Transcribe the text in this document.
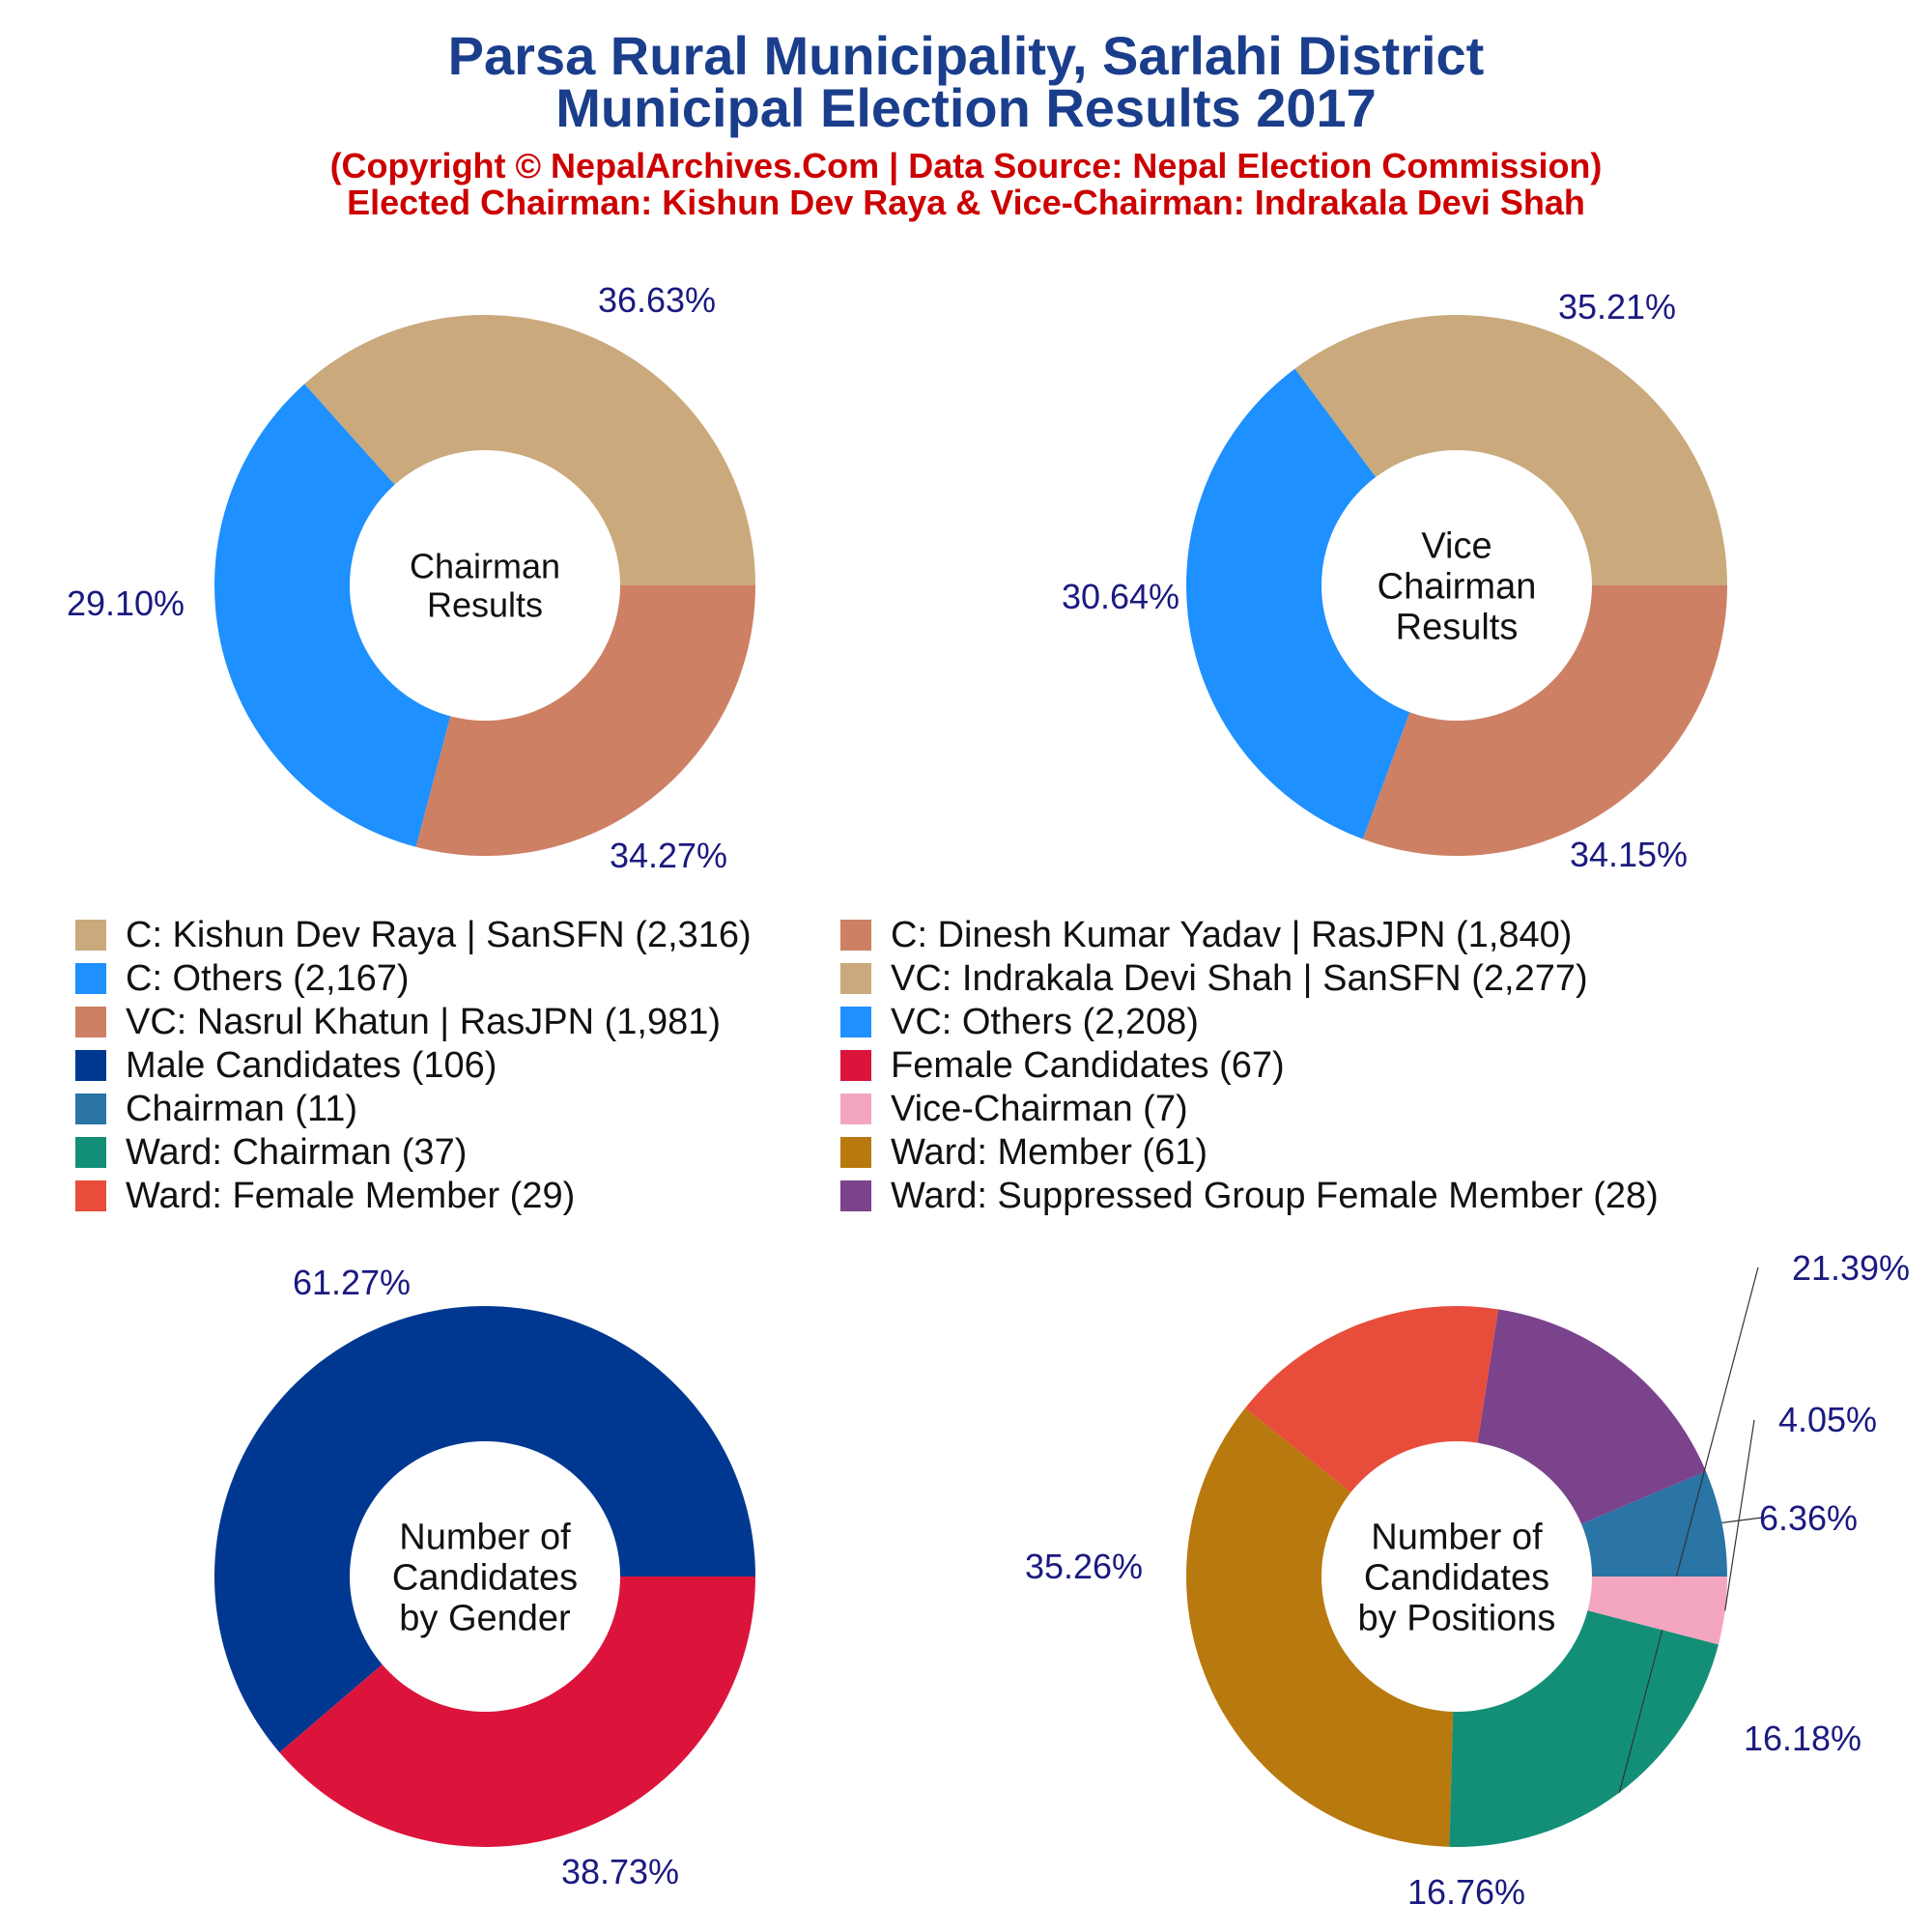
Parsa Rural Municipality, Sarlahi District
Municipal Election Results 2017
(Copyright © NepalArchives.Com | Data Source: Nepal Election Commission)
Elected Chairman: Kishun Dev Raya & Vice-Chairman: Indrakala Devi Shah
36.63%
34.27%
29.10%
Chairman
Results
35.21%
34.15%
30.64%
Vice
Chairman
Results
61.27%
38.73%
Number of
Candidates
by Gender
6.36%
16.18%
16.76%
35.26%
21.39%
4.05%
Number of
Candidates
by Positions
C: Kishun Dev Raya | SanSFN (2,316)	C: Dinesh Kumar Yadav | RasJPN (1,840)
C: Others (2,167)	VC: Indrakala Devi Shah | SanSFN (2,277)
VC: Nasrul Khatun | RasJPN (1,981)	VC: Others (2,208)
Male Candidates (106)	Female Candidates (67)
Chairman (11)	Vice-Chairman (7)
Ward: Chairman (37)	Ward: Member (61)
Ward: Female Member (29)	Ward: Suppressed Group Female Member (28)
